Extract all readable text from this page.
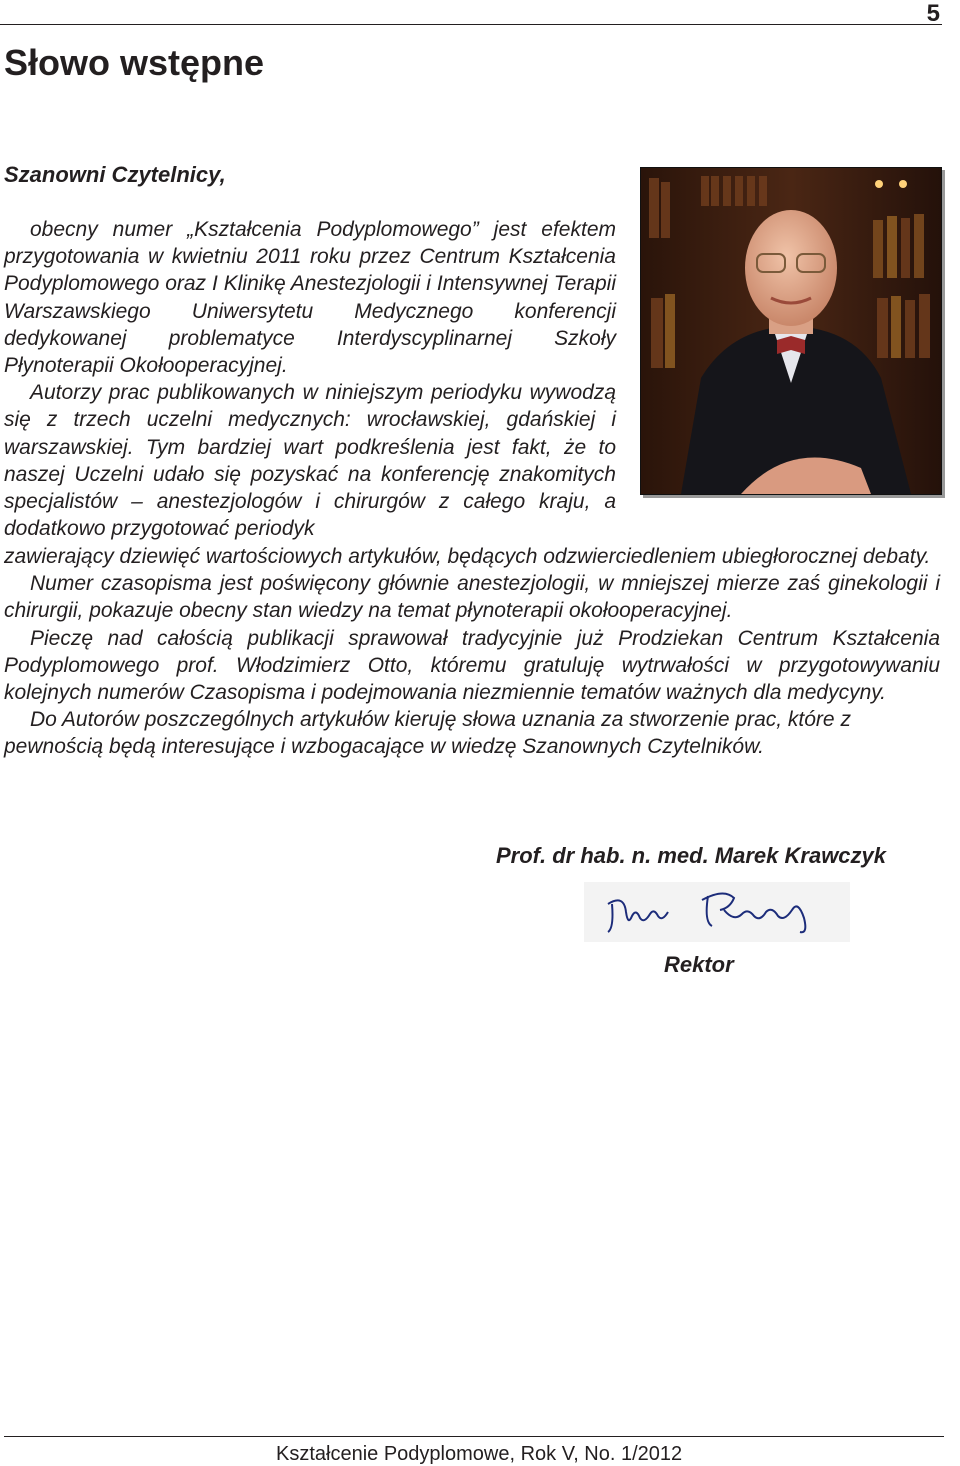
5
Słowo wstępne
Szanowni Czytelnicy,

obecny numer „Kształcenia Podyplomowego” jest efektem przygotowania w kwietniu 2011 roku przez Centrum Kształcenia Podyplomowego oraz I Klinikę Anestezjologii i Intensywnej Terapii Warszawskiego Uniwersytetu Medycznego konferencji dedykowanej problematyce Interdyscyplinarnej Szkoły Płynoterapii Okołooperacyjnej.

Autorzy prac publikowanych w niniejszym periodyku wywodzą się z trzech uczelni medycznych: wrocławskiej, gdańskiej i warszawskiej. Tym bardziej wart podkreślenia jest fakt, że to naszej Uczelni udało się pozyskać na konferencję znakomitych specjalistów – anestezjologów i chirurgów z całego kraju, a dodatkowo przygotować periodyk

zawierający dziewięć wartościowych artykułów, będących odzwierciedleniem ubiegłorocznej debaty.

Numer czasopisma jest poświęcony głównie anestezjologii, w mniejszej mierze zaś ginekologii i chirurgii, pokazuje obecny stan wiedzy na temat płynoterapii okołooperacyjnej.

Pieczę nad całością publikacji sprawował tradycyjnie już Prodziekan Centrum Kształcenia Podyplomowego prof. Włodzimierz Otto, któremu gratuluję wytrwałości w przygotowywaniu kolejnych numerów Czasopisma i podejmowania niezmiennie tematów ważnych dla medycyny.

Do Autorów poszczególnych artykułów kieruję słowa uznania za stworzenie prac, które z pewnością będą interesujące i wzbogacające w wiedzę Szanownych Czytelników.

Prof. dr hab. n. med. Marek Krawczyk
Rektor
Kształcenie Podyplomowe, Rok V, No. 1/2012
